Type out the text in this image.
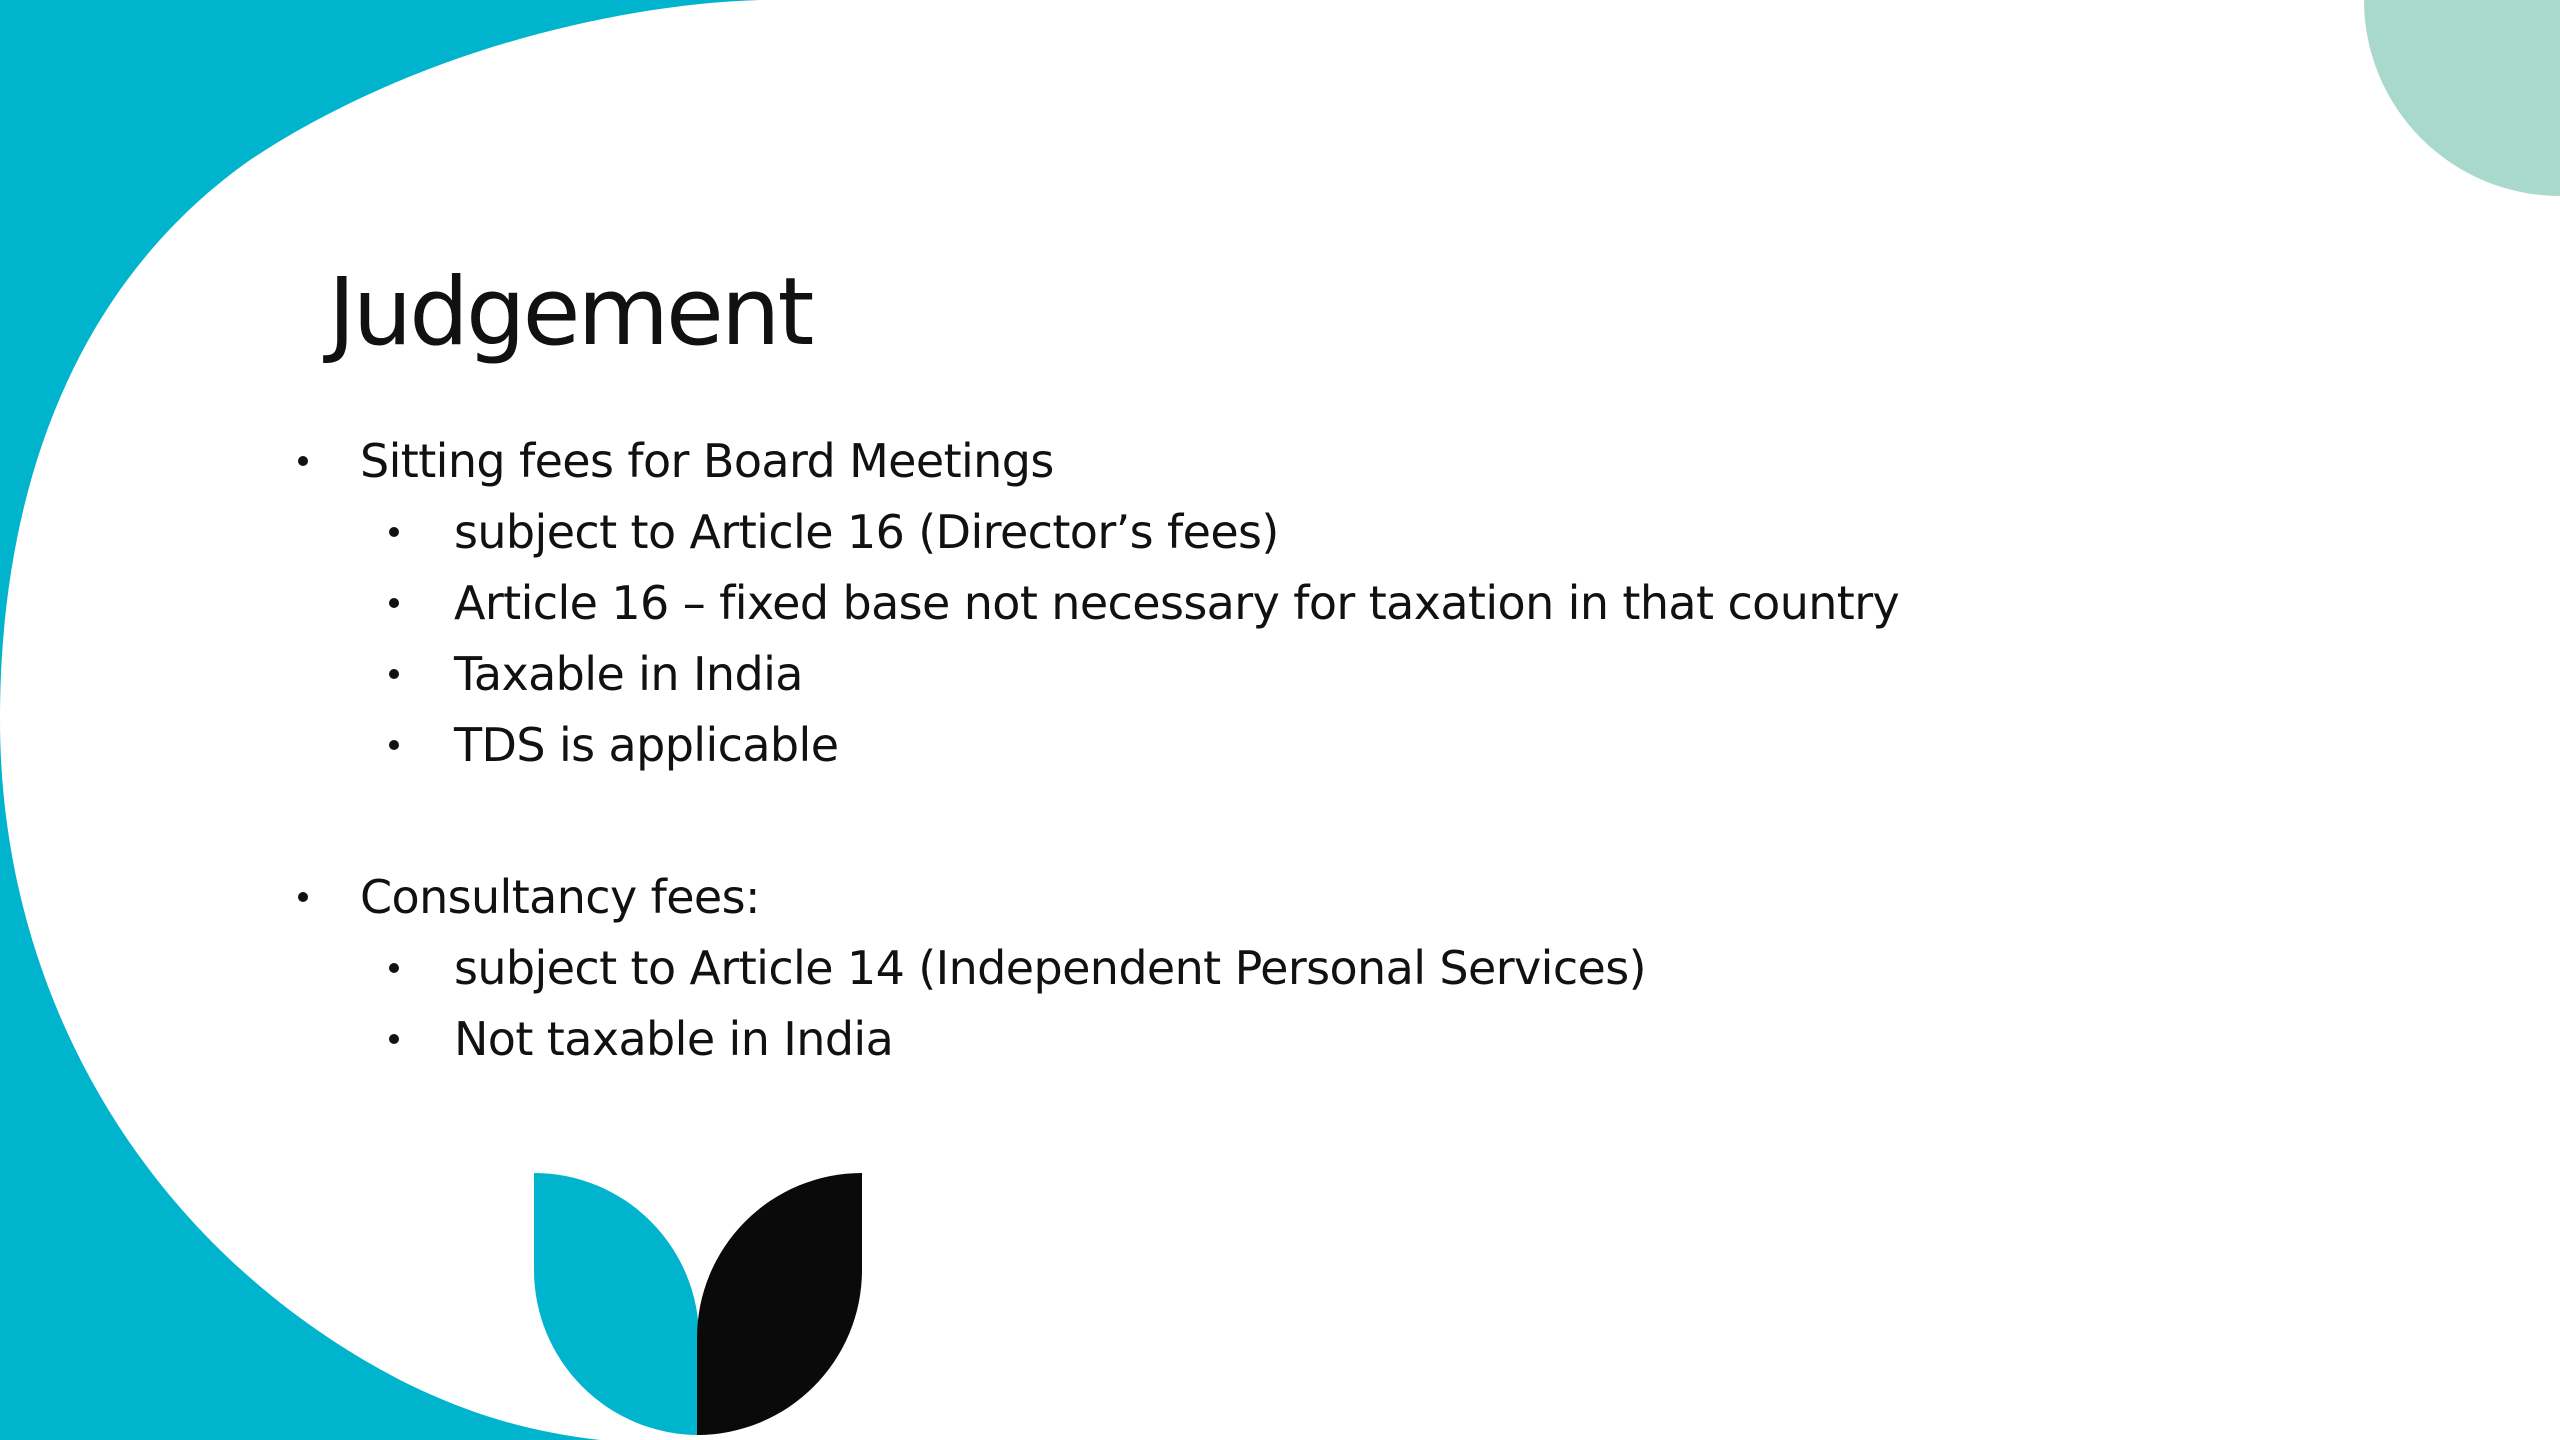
Judgement
Sitting fees for Board Meetings
subject to Article 16 (Director’s fees)
Article 16 – fixed base not necessary for taxation in that country
Taxable in India
TDS is applicable
Consultancy fees:
subject to Article 14 (Independent Personal Services)
Not taxable in India
